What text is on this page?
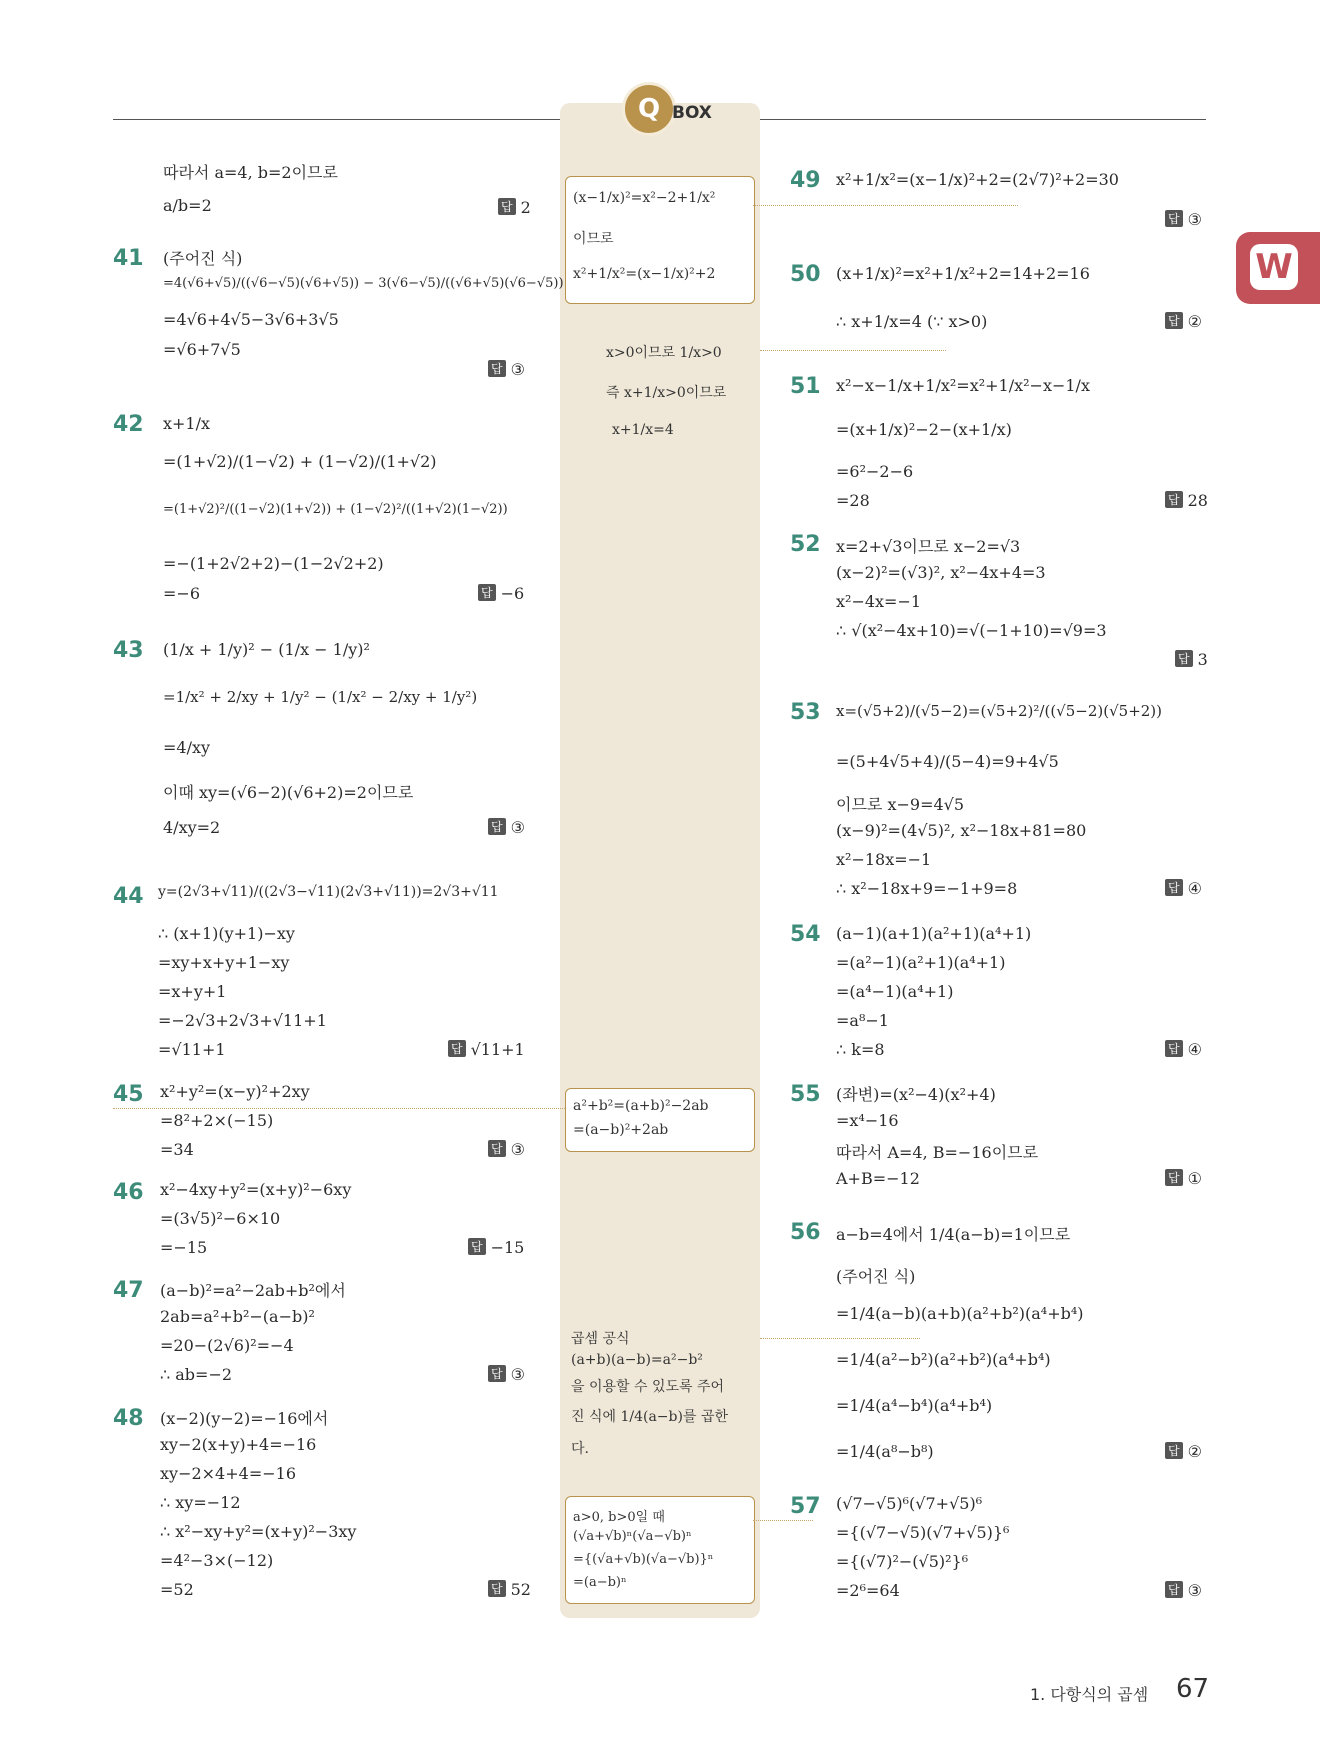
Q BOX
W
따라서 a=4, b=2이므로
a/b=2	답 2
41 (주어진 식)
=4(√6+√5)/((√6−√5)(√6+√5)) − 3(√6−√5)/((√6+√5)(√6−√5))
=4√6+4√5−3√6+3√5
=√6+7√5
답 ③
42 x+1/x
=(1+√2)/(1−√2) + (1−√2)/(1+√2)
=(1+√2)²/((1−√2)(1+√2)) + (1−√2)²/((1+√2)(1−√2))
=−(1+2√2+2)−(1−2√2+2)
=−6	답 −6
43 (1/x + 1/y)² − (1/x − 1/y)²
=1/x² + 2/xy + 1/y² − (1/x² − 2/xy + 1/y²)
=4/xy
이때 xy=(√6−2)(√6+2)=2이므로
4/xy=2	답 ③
44 y=(2√3+√11)/((2√3−√11)(2√3+√11))=2√3+√11
∴ (x+1)(y+1)−xy
=xy+x+y+1−xy
=x+y+1
=−2√3+2√3+√11+1
=√11+1	답 √11+1
45 x²+y²=(x−y)²+2xy
=8²+2×(−15)
=34	답 ③
46 x²−4xy+y²=(x+y)²−6xy
=(3√5)²−6×10
=−15	답 −15
47 (a−b)²=a²−2ab+b²에서
2ab=a²+b²−(a−b)²
=20−(2√6)²=−4
∴ ab=−2	답 ③
48 (x−2)(y−2)=−16에서
xy−2(x+y)+4=−16
xy−2×4+4=−16
∴ xy=−12
∴ x²−xy+y²=(x+y)²−3xy
=4²−3×(−12)
=52	답 52
49 x²+1/x²=(x−1/x)²+2=(2√7)²+2=30
답 ③
50 (x+1/x)²=x²+1/x²+2=14+2=16
∴ x+1/x=4 (∵ x>0)	답 ②
51 x²−x−1/x+1/x²=x²+1/x²−x−1/x
=(x+1/x)²−2−(x+1/x)
=6²−2−6
=28	답 28
52 x=2+√3이므로 x−2=√3
(x−2)²=(√3)², x²−4x+4=3
x²−4x=−1
∴ √(x²−4x+10)=√(−1+10)=√9=3
답 3
53 x=(√5+2)/(√5−2)=(√5+2)²/((√5−2)(√5+2))
=(5+4√5+4)/(5−4)=9+4√5
이므로 x−9=4√5
(x−9)²=(4√5)², x²−18x+81=80
x²−18x=−1
∴ x²−18x+9=−1+9=8	답 ④
54 (a−1)(a+1)(a²+1)(a⁴+1)
=(a²−1)(a²+1)(a⁴+1)
=(a⁴−1)(a⁴+1)
=a⁸−1
∴ k=8	답 ④
55 (좌변)=(x²−4)(x²+4)
=x⁴−16
따라서 A=4, B=−16이므로
A+B=−12	답 ①
56 a−b=4에서 1/4(a−b)=1이므로
(주어진 식)
=1/4(a−b)(a+b)(a²+b²)(a⁴+b⁴)
=1/4(a²−b²)(a²+b²)(a⁴+b⁴)
=1/4(a⁴−b⁴)(a⁴+b⁴)
=1/4(a⁸−b⁸)	답 ②
57 (√7−√5)⁶(√7+√5)⁶
={(√7−√5)(√7+√5)}⁶
={(√7)²−(√5)²}⁶
=2⁶=64	답 ③
(x−1/x)²=x²−2+1/x²
이므로
x²+1/x²=(x−1/x)²+2
x>0이므로 1/x>0
즉 x+1/x>0이므로
x+1/x=4
a²+b²=(a+b)²−2ab
=(a−b)²+2ab
곱셈 공식
(a+b)(a−b)=a²−b²
을 이용할 수 있도록 주어
진 식에 1/4(a−b)를 곱한
다.
a>0, b>0일 때
(√a+√b)ⁿ(√a−√b)ⁿ
={(√a+√b)(√a−√b)}ⁿ
=(a−b)ⁿ
1. 다항식의 곱셈 67
